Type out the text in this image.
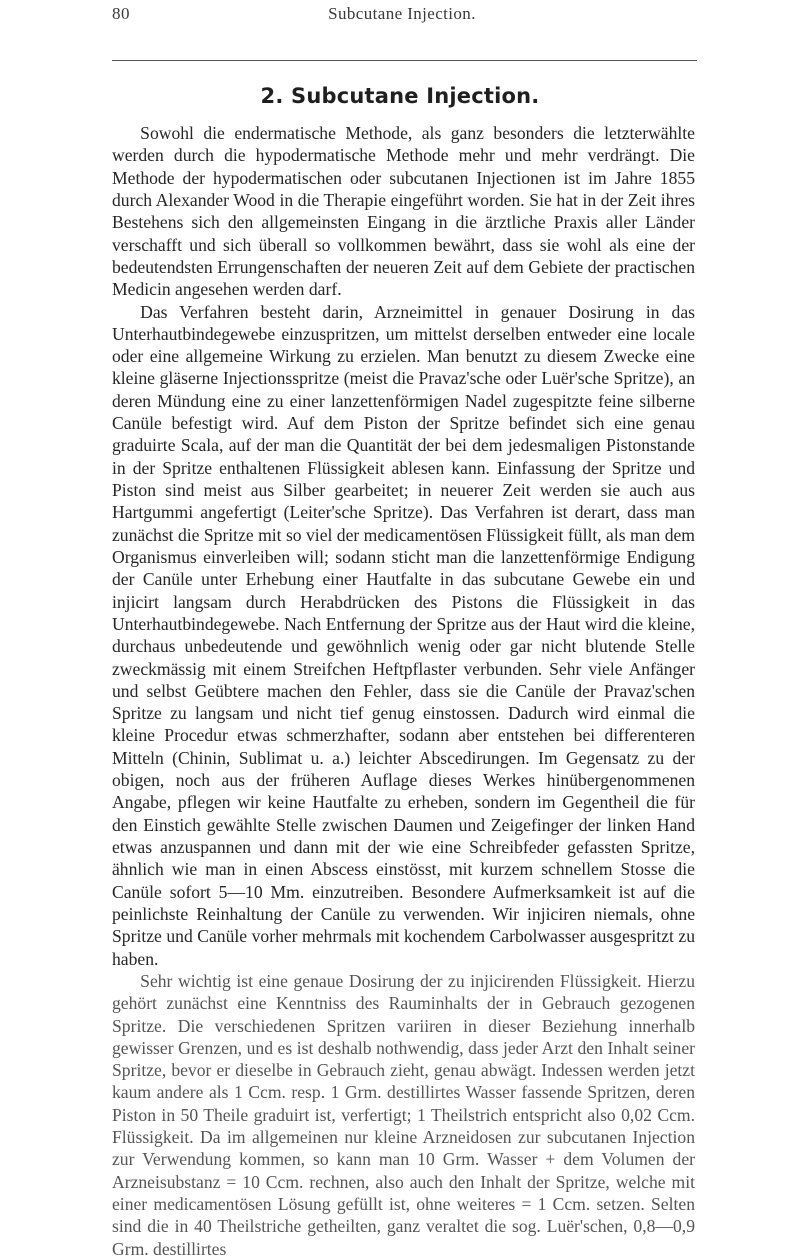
80	Subcutane Injection.
2. Subcutane Injection.

Sowohl die endermatische Methode, als ganz besonders die letzterwählte werden durch die hypodermatische Methode mehr und mehr verdrängt. Die Methode der hypodermatischen oder subcutanen Injectionen ist im Jahre 1855 durch Alexander Wood in die Therapie eingeführt worden. Sie hat in der Zeit ihres Bestehens sich den allgemeinsten Eingang in die ärztliche Praxis aller Länder verschafft und sich überall so vollkommen bewährt, dass sie wohl als eine der bedeutendsten Errungenschaften der neueren Zeit auf dem Gebiete der practischen Medicin angesehen werden darf.

Das Verfahren besteht darin, Arzneimittel in genauer Dosirung in das Unterhautbindegewebe einzuspritzen, um mittelst derselben entweder eine locale oder eine allgemeine Wirkung zu erzielen. Man benutzt zu diesem Zwecke eine kleine gläserne Injectionsspritze (meist die Pravaz'sche oder Luër'sche Spritze), an deren Mündung eine zu einer lanzettenförmigen Nadel zugespitzte feine silberne Canüle befestigt wird. Auf dem Piston der Spritze befindet sich eine genau graduirte Scala, auf der man die Quantität der bei dem jedesmaligen Pistonstande in der Spritze enthaltenen Flüssigkeit ablesen kann. Einfassung der Spritze und Piston sind meist aus Silber gearbeitet; in neuerer Zeit werden sie auch aus Hartgummi angefertigt (Leiter'sche Spritze). Das Verfahren ist derart, dass man zunächst die Spritze mit so viel der medicamentösen Flüssigkeit füllt, als man dem Organismus einverleiben will; sodann sticht man die lanzettenförmige Endigung der Canüle unter Erhebung einer Hautfalte in das subcutane Gewebe ein und injicirt langsam durch Herabdrücken des Pistons die Flüssigkeit in das Unterhautbindegewebe. Nach Entfernung der Spritze aus der Haut wird die kleine, durchaus unbedeutende und gewöhnlich wenig oder gar nicht blutende Stelle zweckmässig mit einem Streifchen Heftpflaster verbunden. Sehr viele Anfänger und selbst Geübtere machen den Fehler, dass sie die Canüle der Pravaz'schen Spritze zu langsam und nicht tief genug einstossen. Dadurch wird einmal die kleine Procedur etwas schmerzhafter, sodann aber entstehen bei differenteren Mitteln (Chinin, Sublimat u. a.) leichter Abscedirungen. Im Gegensatz zu der obigen, noch aus der früheren Auflage dieses Werkes hinübergenommenen Angabe, pflegen wir keine Hautfalte zu erheben, sondern im Gegentheil die für den Einstich gewählte Stelle zwischen Daumen und Zeigefinger der linken Hand etwas anzuspannen und dann mit der wie eine Schreibfeder gefassten Spritze, ähnlich wie man in einen Abscess einstösst, mit kurzem schnellem Stosse die Canüle sofort 5—10 Mm. einzutreiben. Besondere Aufmerksamkeit ist auf die peinlichste Reinhaltung der Canüle zu verwenden. Wir injiciren niemals, ohne Spritze und Canüle vorher mehrmals mit kochendem Carbolwasser ausgespritzt zu haben.

Sehr wichtig ist eine genaue Dosirung der zu injicirenden Flüssigkeit. Hierzu gehört zunächst eine Kenntniss des Rauminhalts der in Gebrauch gezogenen Spritze. Die verschiedenen Spritzen variiren in dieser Beziehung innerhalb gewisser Grenzen, und es ist deshalb nothwendig, dass jeder Arzt den Inhalt seiner Spritze, bevor er dieselbe in Gebrauch zieht, genau abwägt. Indessen werden jetzt kaum andere als 1 Ccm. resp. 1 Grm. destillirtes Wasser fassende Spritzen, deren Piston in 50 Theile graduirt ist, verfertigt; 1 Theilstrich entspricht also 0,02 Ccm. Flüssigkeit. Da im allgemeinen nur kleine Arzneidosen zur subcutanen Injection zur Verwendung kommen, so kann man 10 Grm. Wasser + dem Volumen der Arzneisubstanz = 10 Ccm. rechnen, also auch den Inhalt der Spritze, welche mit einer medicamentösen Lösung gefüllt ist, ohne weiteres = 1 Ccm. setzen. Selten sind die in 40 Theilstriche getheilten, ganz veraltet die sog. Luër'schen, 0,8—0,9 Grm. destillirtes
